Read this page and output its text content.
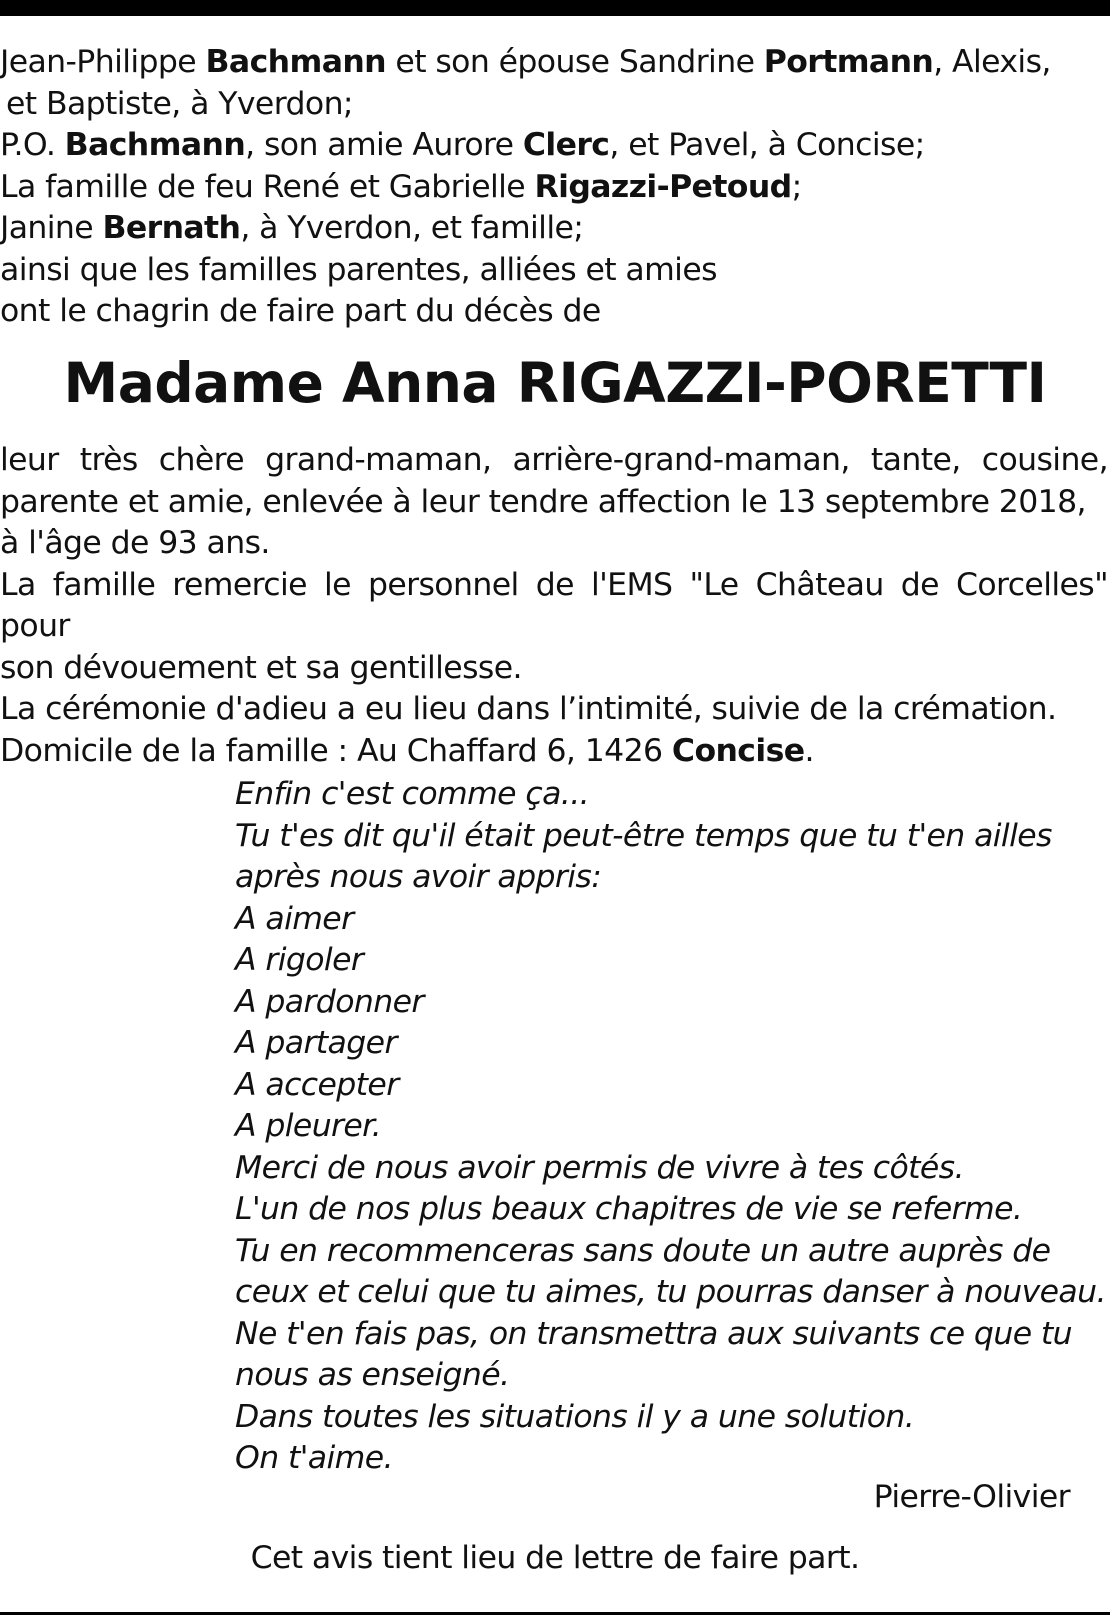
Jean-Philippe Bachmann et son épouse Sandrine Portmann, Alexis,
et Baptiste, à Yverdon;
P.O. Bachmann, son amie Aurore Clerc, et Pavel, à Concise;
La famille de feu René et Gabrielle Rigazzi-Petoud;
Janine Bernath, à Yverdon, et famille;
ainsi que les familles parentes, alliées et amies
ont le chagrin de faire part du décès de
Madame Anna RIGAZZI-PORETTI
leur très chère grand-maman, arrière-grand-maman, tante, cousine, parente et amie, enlevée à leur tendre affection le 13 septembre 2018,
à l'âge de 93 ans.
La famille remercie le personnel de l'EMS "Le Château de Corcelles" pour
son dévouement et sa gentillesse.
La cérémonie d'adieu a eu lieu dans l’intimité, suivie de la crémation.
Domicile de la famille : Au Chaffard 6, 1426 Concise.
Enfin c'est comme ça...
Tu t'es dit qu'il était peut-être temps que tu t'en ailles
après nous avoir appris:
A aimer
A rigoler
A pardonner
A partager
A accepter
A pleurer.
Merci de nous avoir permis de vivre à tes côtés.
L'un de nos plus beaux chapitres de vie se referme.
Tu en recommenceras sans doute un autre auprès de
ceux et celui que tu aimes, tu pourras danser à nouveau.
Ne t'en fais pas, on transmettra aux suivants ce que tu
nous as enseigné.
Dans toutes les situations il y a une solution.
On t'aime.
Pierre-Olivier
Cet avis tient lieu de lettre de faire part.
